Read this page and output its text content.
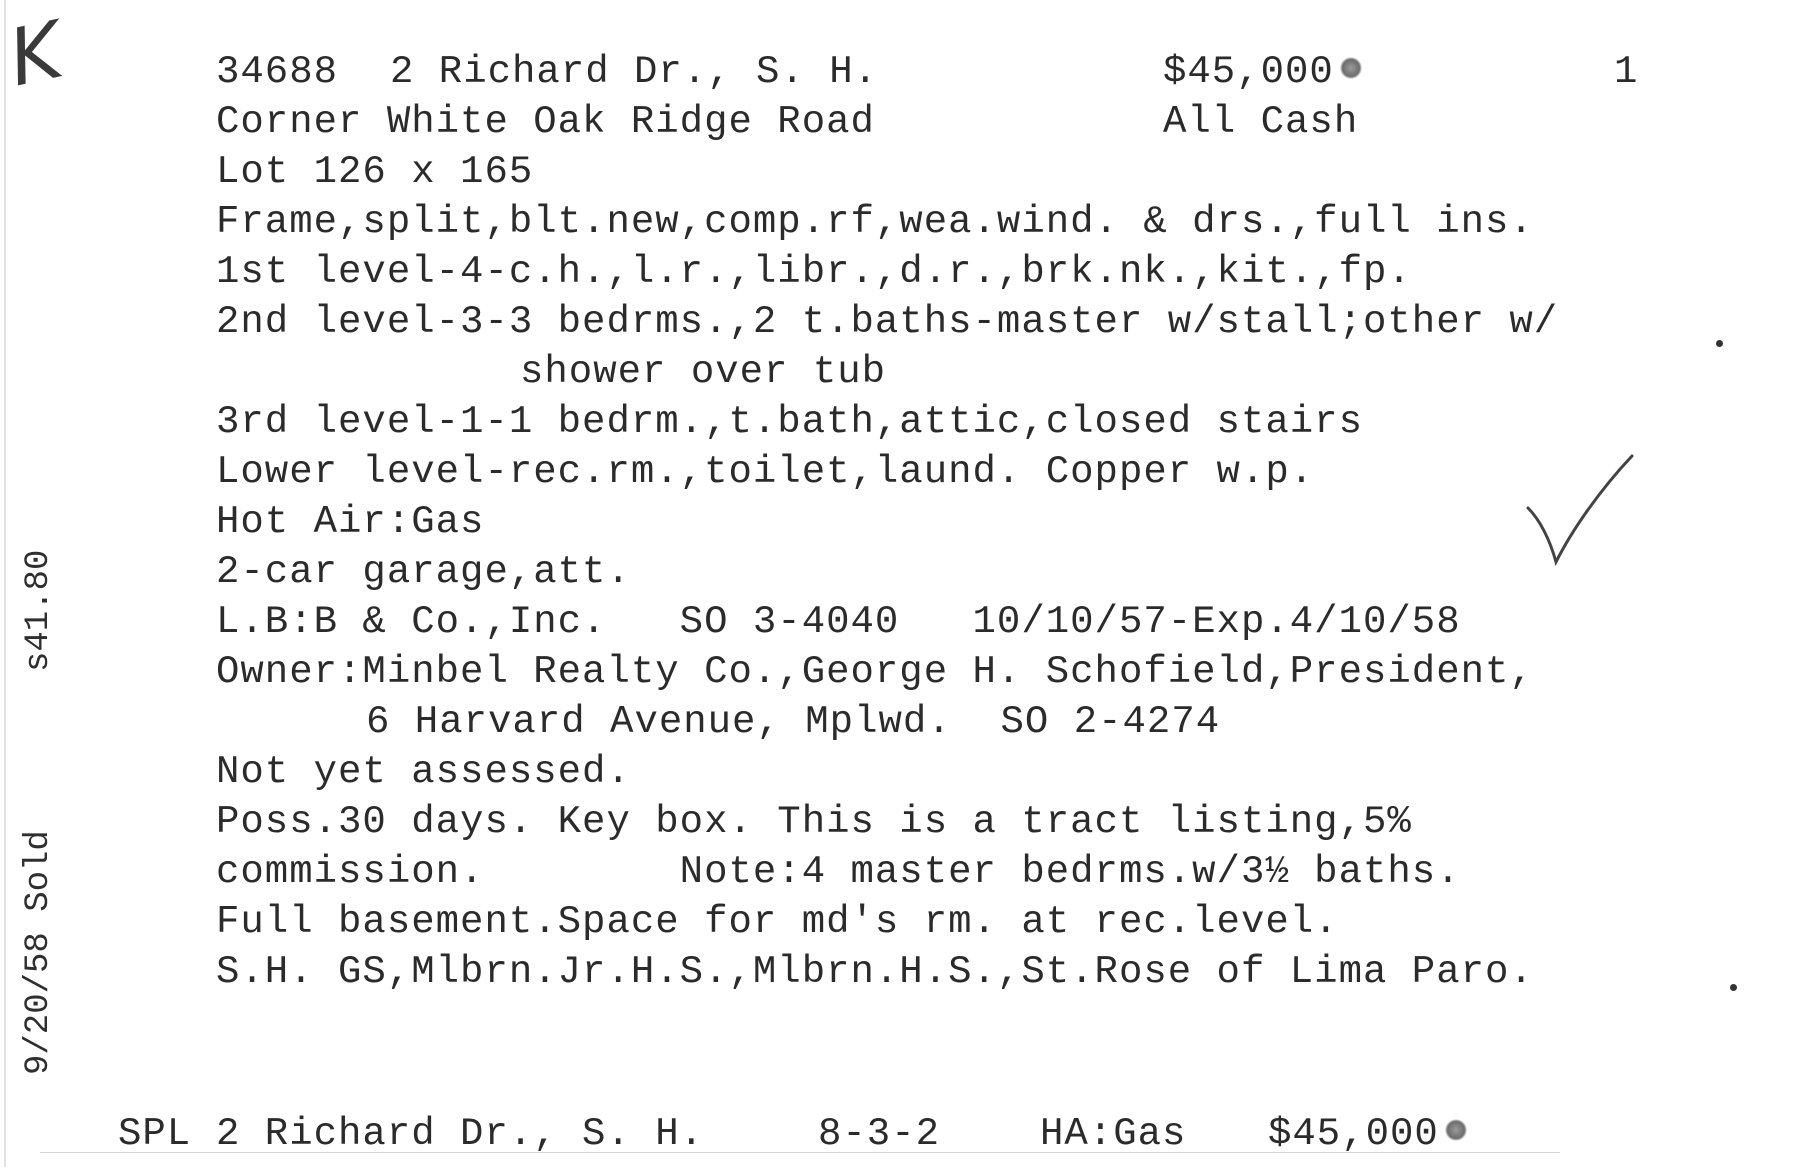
K	34688 2 Richard Dr., S. H.	$45,000	1
Corner White Oak Ridge Road	All Cash
Lot 126 x 165
Frame,split,blt.new,comp.rf,wea.wind. & drs.,full ins.
1st level-4-c.h.,l.r.,libr.,d.r.,brk.nk.,kit.,fp.
2nd level-3-3 bedrms.,2 t.baths-master w/stall;other w/
shower over tub
3rd level-1-1 bedrm.,t.bath,attic,closed stairs
Lower level-rec.rm.,toilet,laund. Copper w.p.
Hot Air:Gas
2-car garage,att.
L.B:B & Co.,Inc.   SO 3-4040   10/10/57-Exp.4/10/58
Owner:Minbel Realty Co.,George H. Schofield,President,
6 Harvard Avenue, Mplwd.  SO 2-4274
Not yet assessed.
Poss.30 days. Key box. This is a tract listing,5%
commission.        Note:4 master bedrms.w/3½ baths.
Full basement.Space for md's rm. at rec.level.
S.H. GS,Mlbrn.Jr.H.S.,Mlbrn.H.S.,St.Rose of Lima Paro.
s41.80
9/20/58 Sold
SPL 2 Richard Dr., S. H.	8-3-2	HA:Gas $45,000
